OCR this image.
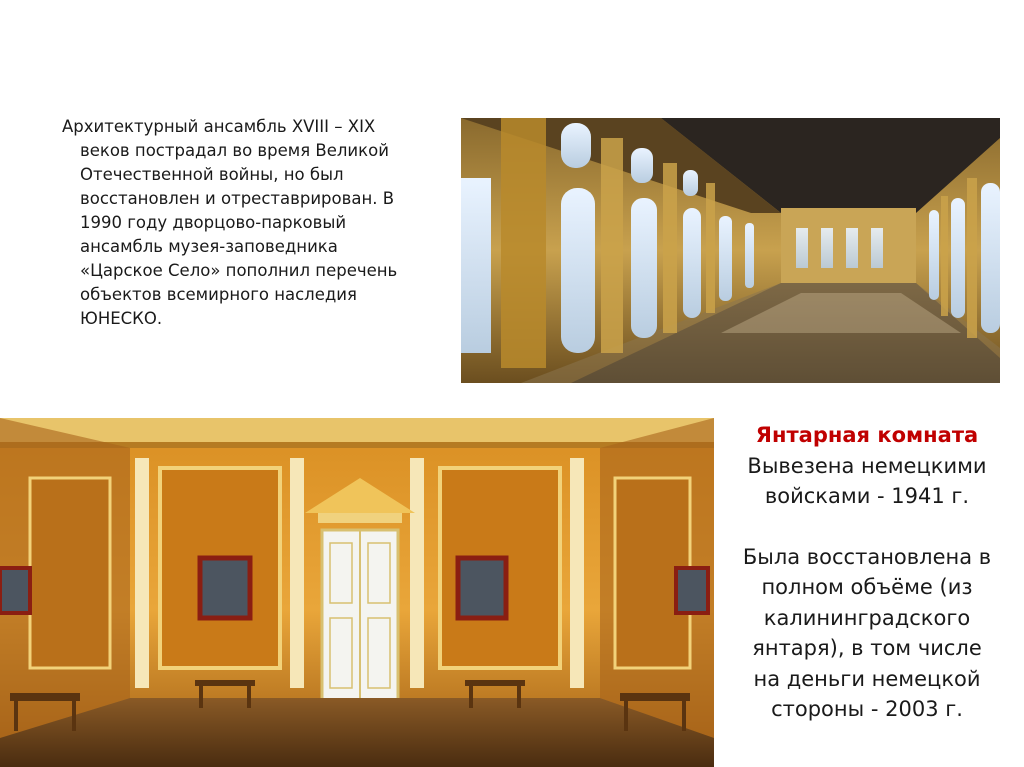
Архитектурный ансамбль XVIII – XIX
веков пострадал во время Великой
Отечественной войны, но был
восстановлен и отреставрирован. В
1990 году дворцово-парковый
ансамбль музея-заповедника
«Царское Село» пополнил перечень
объектов всемирного наследия
ЮНЕСКО.

Янтарная комната
Вывезена немецкими
войсками - 1941 г.
Была восстановлена в
полном объёме (из
калининградского
янтаря), в том числе
на деньги немецкой
стороны - 2003 г.
